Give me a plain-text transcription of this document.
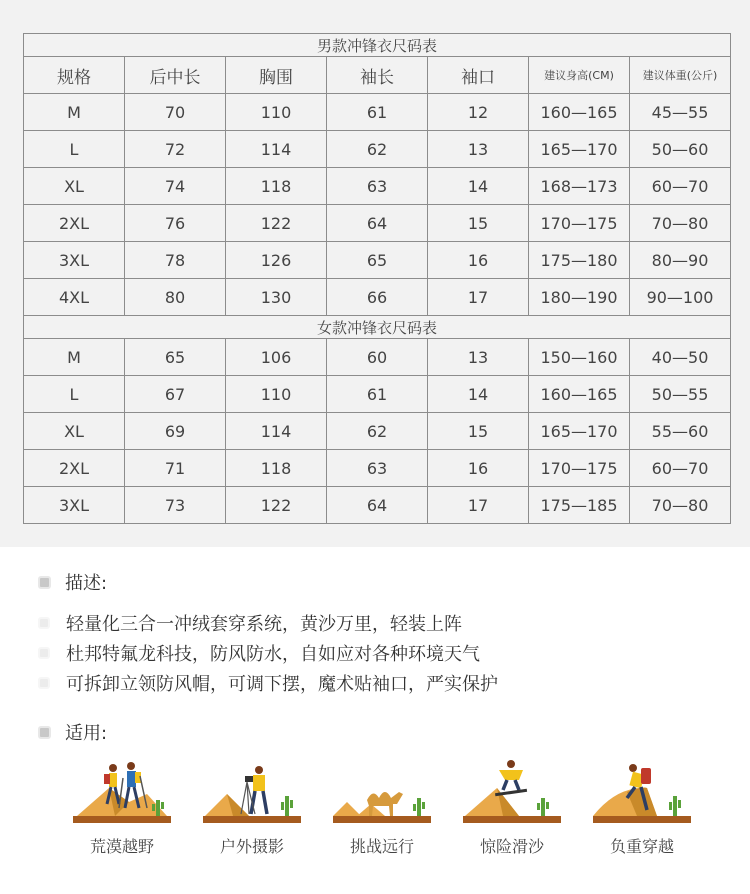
男款冲锋衣尺码表						
规格	后中长	胸围	袖长	袖口	建议身高(CM)	建议体重(公斤)
M	70	110	61	12	160—165	45—55
L	72	114	62	13	165—170	50—60
XL	74	118	63	14	168—173	60—70
2XL	76	122	64	15	170—175	70—80
3XL	78	126	65	16	175—180	80—90
4XL	80	130	66	17	180—190	90—100
女款冲锋衣尺码表						
M	65	106	60	13	150—160	40—50
L	67	110	61	14	160—165	50—55
XL	69	114	62	15	165—170	55—60
2XL	71	118	63	16	170—175	60—70
3XL	73	122	64	17	175—185	70—80
描述:
轻量化三合一冲绒套穿系统，黄沙万里，轻装上阵
杜邦特氟龙科技，防风防水，自如应对各种环境天气
可拆卸立领防风帽，可调下摆，魔术贴袖口，严实保护
适用:
荒漠越野	户外摄影	挑战远行	惊险滑沙	负重穿越
